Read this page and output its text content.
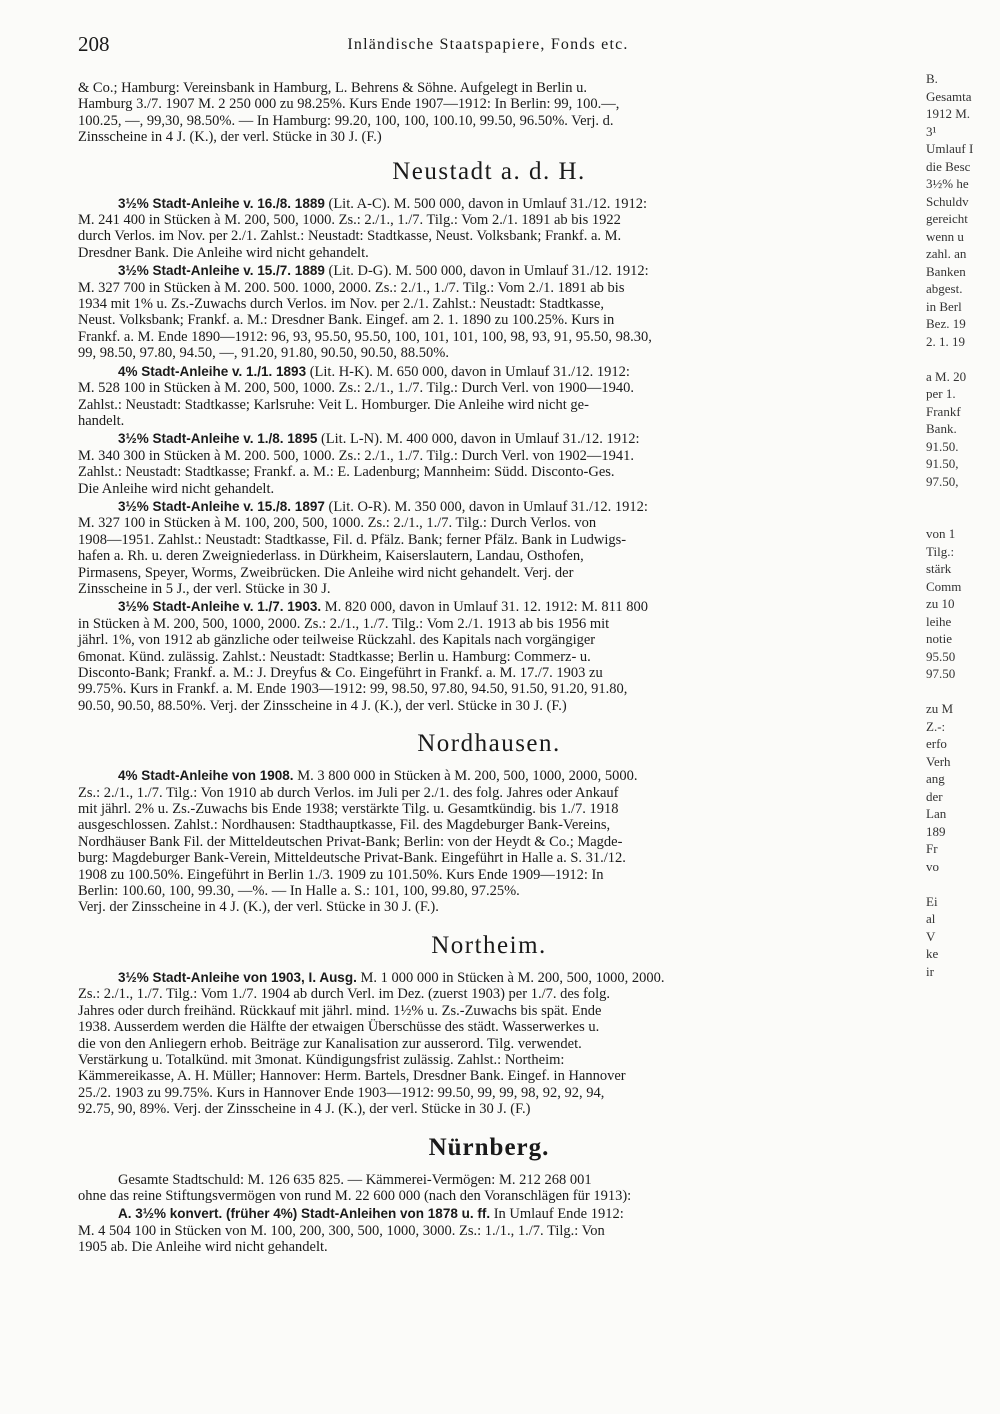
208	Inländische Staatspapiere, Fonds etc.
& Co.; Hamburg: Vereinsbank in Hamburg, L. Behrens & Söhne. Aufgelegt in Berlin u.
Hamburg 3./7. 1907 M. 2 250 000 zu 98.25%. Kurs Ende 1907—1912: In Berlin: 99, 100.—,
100.25, —, 99,30, 98.50%. — In Hamburg: 99.20, 100, 100, 100.10, 99.50, 96.50%. Verj. d.
Zinsscheine in 4 J. (K.), der verl. Stücke in 30 J. (F.)
Neustadt a. d. H.
3½% Stadt-Anleihe v. 16./8. 1889 (Lit. A-C). M. 500 000, davon in Umlauf 31./12. 1912:
M. 241 400 in Stücken à M. 200, 500, 1000. Zs.: 2./1., 1./7. Tilg.: Vom 2./1. 1891 ab bis 1922
durch Verlos. im Nov. per 2./1. Zahlst.: Neustadt: Stadtkasse, Neust. Volksbank; Frankf. a. M.
Dresdner Bank. Die Anleihe wird nicht gehandelt.
3½% Stadt-Anleihe v. 15./7. 1889 (Lit. D-G). M. 500 000, davon in Umlauf 31./12. 1912:
M. 327 700 in Stücken à M. 200. 500. 1000, 2000. Zs.: 2./1., 1./7. Tilg.: Vom 2./1. 1891 ab bis
1934 mit 1% u. Zs.-Zuwachs durch Verlos. im Nov. per 2./1. Zahlst.: Neustadt: Stadtkasse,
Neust. Volksbank; Frankf. a. M.: Dresdner Bank. Eingef. am 2. 1. 1890 zu 100.25%. Kurs in
Frankf. a. M. Ende 1890—1912: 96, 93, 95.50, 95.50, 100, 101, 101, 100, 98, 93, 91, 95.50, 98.30,
99, 98.50, 97.80, 94.50, —, 91.20, 91.80, 90.50, 90.50, 88.50%.
4% Stadt-Anleihe v. 1./1. 1893 (Lit. H-K). M. 650 000, davon in Umlauf 31./12. 1912:
M. 528 100 in Stücken à M. 200, 500, 1000. Zs.: 2./1., 1./7. Tilg.: Durch Verl. von 1900—1940.
Zahlst.: Neustadt: Stadtkasse; Karlsruhe: Veit L. Homburger. Die Anleihe wird nicht ge-
handelt.
3½% Stadt-Anleihe v. 1./8. 1895 (Lit. L-N). M. 400 000, davon in Umlauf 31./12. 1912:
M. 340 300 in Stücken à M. 200. 500, 1000. Zs.: 2./1., 1./7. Tilg.: Durch Verl. von 1902—1941.
Zahlst.: Neustadt: Stadtkasse; Frankf. a. M.: E. Ladenburg; Mannheim: Südd. Disconto-Ges.
Die Anleihe wird nicht gehandelt.
3½% Stadt-Anleihe v. 15./8. 1897 (Lit. O-R). M. 350 000, davon in Umlauf 31./12. 1912:
M. 327 100 in Stücken à M. 100, 200, 500, 1000. Zs.: 2./1., 1./7. Tilg.: Durch Verlos. von
1908—1951. Zahlst.: Neustadt: Stadtkasse, Fil. d. Pfälz. Bank; ferner Pfälz. Bank in Ludwigs-
hafen a. Rh. u. deren Zweigniederlass. in Dürkheim, Kaiserslautern, Landau, Osthofen,
Pirmasens, Speyer, Worms, Zweibrücken. Die Anleihe wird nicht gehandelt. Verj. der
Zinsscheine in 5 J., der verl. Stücke in 30 J.
3½% Stadt-Anleihe v. 1./7. 1903. M. 820 000, davon in Umlauf 31. 12. 1912: M. 811 800
in Stücken à M. 200, 500, 1000, 2000. Zs.: 2./1., 1./7. Tilg.: Vom 2./1. 1913 ab bis 1956 mit
jährl. 1%, von 1912 ab gänzliche oder teilweise Rückzahl. des Kapitals nach vorgängiger
6monat. Künd. zulässig. Zahlst.: Neustadt: Stadtkasse; Berlin u. Hamburg: Commerz- u.
Disconto-Bank; Frankf. a. M.: J. Dreyfus & Co. Eingeführt in Frankf. a. M. 17./7. 1903 zu
99.75%. Kurs in Frankf. a. M. Ende 1903—1912: 99, 98.50, 97.80, 94.50, 91.50, 91.20, 91.80,
90.50, 90.50, 88.50%. Verj. der Zinsscheine in 4 J. (K.), der verl. Stücke in 30 J. (F.)
Nordhausen.
4% Stadt-Anleihe von 1908. M. 3 800 000 in Stücken à M. 200, 500, 1000, 2000, 5000.
Zs.: 2./1., 1./7. Tilg.: Von 1910 ab durch Verlos. im Juli per 2./1. des folg. Jahres oder Ankauf
mit jährl. 2% u. Zs.-Zuwachs bis Ende 1938; verstärkte Tilg. u. Gesamtkündig. bis 1./7. 1918
ausgeschlossen. Zahlst.: Nordhausen: Stadthauptkasse, Fil. des Magdeburger Bank-Vereins,
Nordhäuser Bank Fil. der Mitteldeutschen Privat-Bank; Berlin: von der Heydt & Co.; Magde-
burg: Magdeburger Bank-Verein, Mitteldeutsche Privat-Bank. Eingeführt in Halle a. S. 31./12.
1908 zu 100.50%. Eingeführt in Berlin 1./3. 1909 zu 101.50%. Kurs Ende 1909—1912: In
Berlin: 100.60, 100, 99.30, —%. — In Halle a. S.: 101, 100, 99.80, 97.25%.
Verj. der Zinsscheine in 4 J. (K.), der verl. Stücke in 30 J. (F.).
Northeim.
3½% Stadt-Anleihe von 1903, I. Ausg. M. 1 000 000 in Stücken à M. 200, 500, 1000, 2000.
Zs.: 2./1., 1./7. Tilg.: Vom 1./7. 1904 ab durch Verl. im Dez. (zuerst 1903) per 1./7. des folg.
Jahres oder durch freihänd. Rückkauf mit jährl. mind. 1½% u. Zs.-Zuwachs bis spät. Ende
1938. Ausserdem werden die Hälfte der etwaigen Überschüsse des städt. Wasserwerkes u.
die von den Anliegern erhob. Beiträge zur Kanalisation zur ausserord. Tilg. verwendet.
Verstärkung u. Totalkünd. mit 3monat. Kündigungsfrist zulässig. Zahlst.: Northeim:
Kämmereikasse, A. H. Müller; Hannover: Herm. Bartels, Dresdner Bank. Eingef. in Hannover
25./2. 1903 zu 99.75%. Kurs in Hannover Ende 1903—1912: 99.50, 99, 99, 98, 92, 92, 94,
92.75, 90, 89%. Verj. der Zinsscheine in 4 J. (K.), der verl. Stücke in 30 J. (F.)
Nürnberg.
Gesamte Stadtschuld: M. 126 635 825. — Kämmerei-Vermögen: M. 212 268 001
ohne das reine Stiftungsvermögen von rund M. 22 600 000 (nach den Voranschlägen für 1913):
A. 3½% konvert. (früher 4%) Stadt-Anleihen von 1878 u. ff. In Umlauf Ende 1912:
M. 4 504 100 in Stücken von M. 100, 200, 300, 500, 1000, 3000. Zs.: 1./1., 1./7. Tilg.: Von
1905 ab. Die Anleihe wird nicht gehandelt.
B.
Gesamta
1912 M.
3¹
Umlauf I
die Besc
3½% he
Schuldv
gereicht
wenn u
zahl. an
Banken
abgest.
in Berl
Bez. 19
2. 1. 19

a M. 20
per 1.
Frankf
Bank.
91.50.
91.50,
97.50,

von 1
Tilg.:
stärk
Comm
zu 10
leihe
notie
95.50
97.50

zu M
Z.-:
erfo
Verh
ang
der
Lan
189
Fr
vo

Ei
al
V
ke
ir
